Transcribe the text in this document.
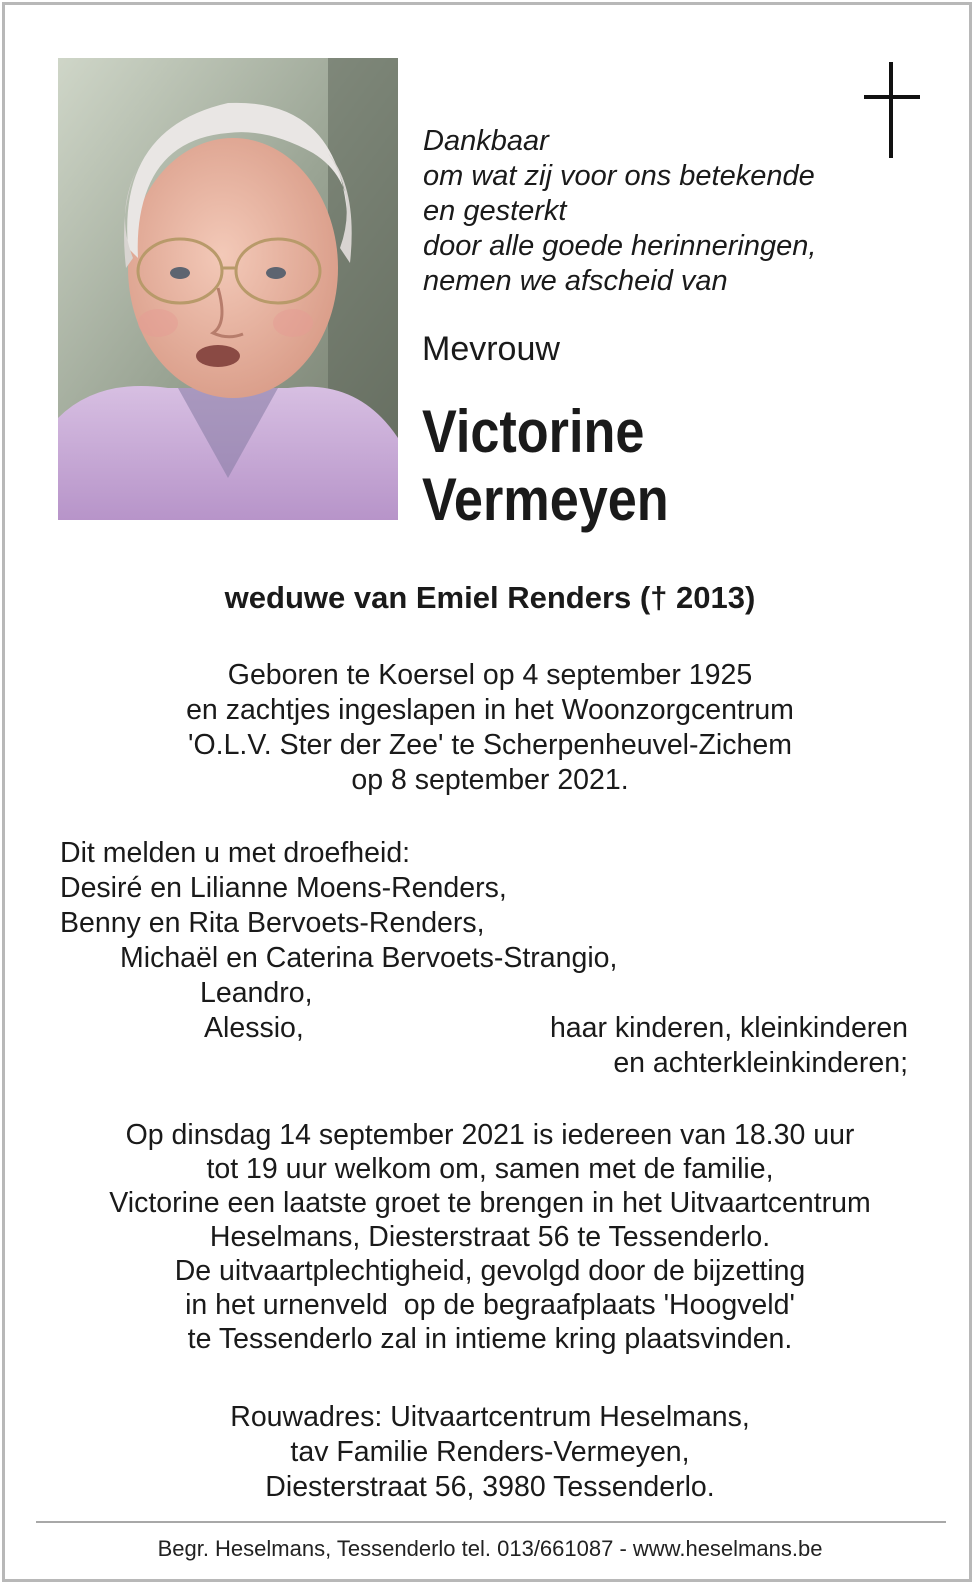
Dankbaar
om wat zij voor ons betekende
en gesterkt
door alle goede herinneringen,
nemen we afscheid van
Mevrouw
Victorine
Vermeyen
weduwe van Emiel Renders († 2013)
Geboren te Koersel op 4 september 1925
en zachtjes ingeslapen in het Woonzorgcentrum
'O.L.V. Ster der Zee' te Scherpenheuvel-Zichem
op 8 september 2021.
Dit melden u met droefheid:
Desiré en Lilianne Moens-Renders,
Benny en Rita Bervoets-Renders,
Michaël en Caterina Bervoets-Strangio,
Leandro,
Alessio,	haar kinderen, kleinkinderen
en achterkleinkinderen;
Op dinsdag 14 september 2021 is iedereen van 18.30 uur
tot 19 uur welkom om, samen met de familie,
Victorine een laatste groet te brengen in het Uitvaartcentrum
Heselmans, Diesterstraat 56 te Tessenderlo.
De uitvaartplechtigheid, gevolgd door de bijzetting
in het urnenveld  op de begraafplaats 'Hoogveld'
te Tessenderlo zal in intieme kring plaatsvinden.
Rouwadres: Uitvaartcentrum Heselmans,
tav Familie Renders-Vermeyen,
Diesterstraat 56, 3980 Tessenderlo.
Begr. Heselmans, Tessenderlo tel. 013/661087 - www.heselmans.be
